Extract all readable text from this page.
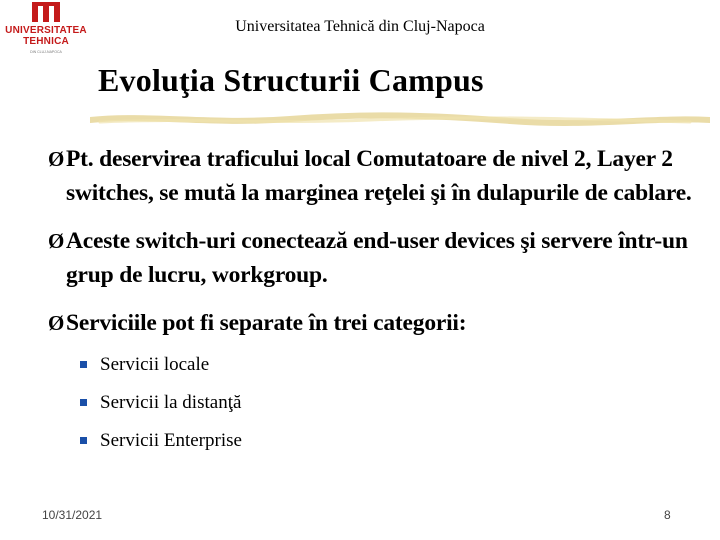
UNIVERSITATEA
TEHNICA
DIN CLUJ-NAPOCA
Universitatea Tehnică din Cluj-Napoca
Evoluţia Structurii Campus
Ø Pt. deservirea traficului local Comutatoare de nivel 2, Layer 2 switches, se mută la marginea reţelei şi în dulapurile de cablare.
Ø Aceste switch-uri conectează end-user devices şi servere într-un grup de lucru, workgroup.
Ø Serviciile pot fi separate în trei categorii:
Servicii locale
Servicii la distanţă
Servicii Enterprise
10/31/2021	8
